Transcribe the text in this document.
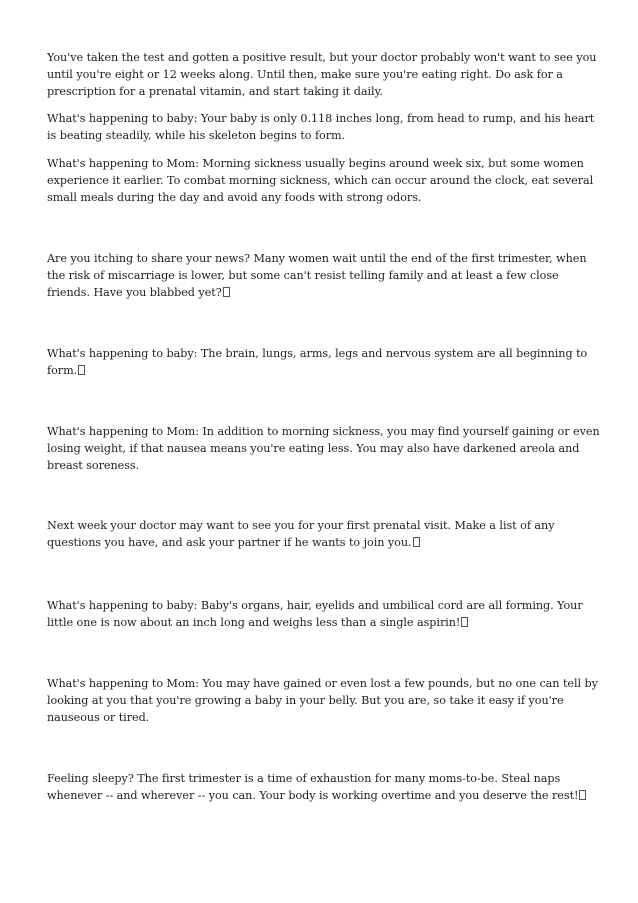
You've taken the test and gotten a positive result, but your doctor probably won't want to see you until you're eight or 12 weeks along. Until then, make sure you're eating right. Do ask for a prescription for a prenatal vitamin, and start taking it daily.

What's happening to baby: Your baby is only 0.118 inches long, from head to rump, and his heart is beating steadily, while his skeleton begins to form.

What's happening to Mom: Morning sickness usually begins around week six, but some women experience it earlier. To combat morning sickness, which can occur around the clock, eat several small meals during the day and avoid any foods with strong odors.

Are you itching to share your news? Many women wait until the end of the first trimester, when the risk of miscarriage is lower, but some can't resist telling family and at least a few close friends. Have you blabbed yet?

What's happening to baby: The brain, lungs, arms, legs and nervous system are all beginning to form.

What's happening to Mom: In addition to morning sickness, you may find yourself gaining or even losing weight, if that nausea means you're eating less. You may also have darkened areola and breast soreness.

Next week your doctor may want to see you for your first prenatal visit. Make a list of any questions you have, and ask your partner if he wants to join you.

What's happening to baby: Baby's organs, hair, eyelids and umbilical cord are all forming. Your little one is now about an inch long and weighs less than a single aspirin!

What's happening to Mom: You may have gained or even lost a few pounds, but no one can tell by looking at you that you're growing a baby in your belly. But you are, so take it easy if you're nauseous or tired.

Feeling sleepy? The first trimester is a time of exhaustion for many moms-to-be. Steal naps whenever -- and wherever -- you can. Your body is working overtime and you deserve the rest!
